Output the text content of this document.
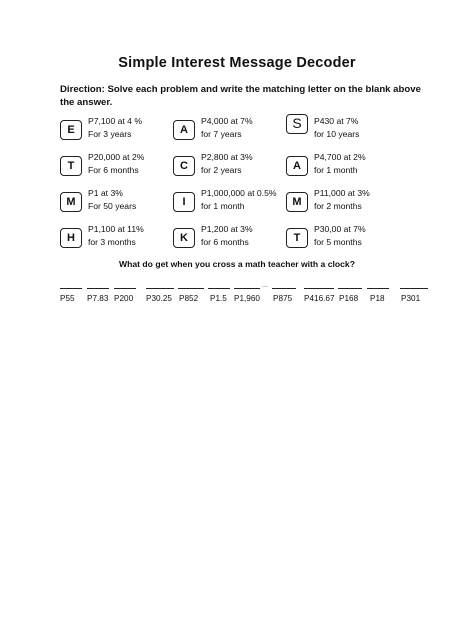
Simple Interest Message Decoder
Direction: Solve each problem and write the matching letter on the blank above the answer.
E
P7,100 at 4 %
For 3 years	A
P4,000 at 7%
for 7 years
S	P430 at 7%
for 10 years
T
P20,000 at 2%
For 6 months	C
P2,800 at 3%
for 2 years	A
P4,700 at 2%
for 1 month
M
P1 at 3%
For 50 years	I
P1,000,000 at 0.5%
for 1 month	M
P11,000 at 3%
for 2 months
H
P1,100 at 11%
for 3 months	K
P1,200 at 3%
for 6 months	T
P30,00 at 7%
for 5 months
What do get when you cross a math teacher with a clock?
...
P55 P7.83 P200 P30.25 P852 P1.5 P1,960 P875 P416.67 P168 P18 P301
